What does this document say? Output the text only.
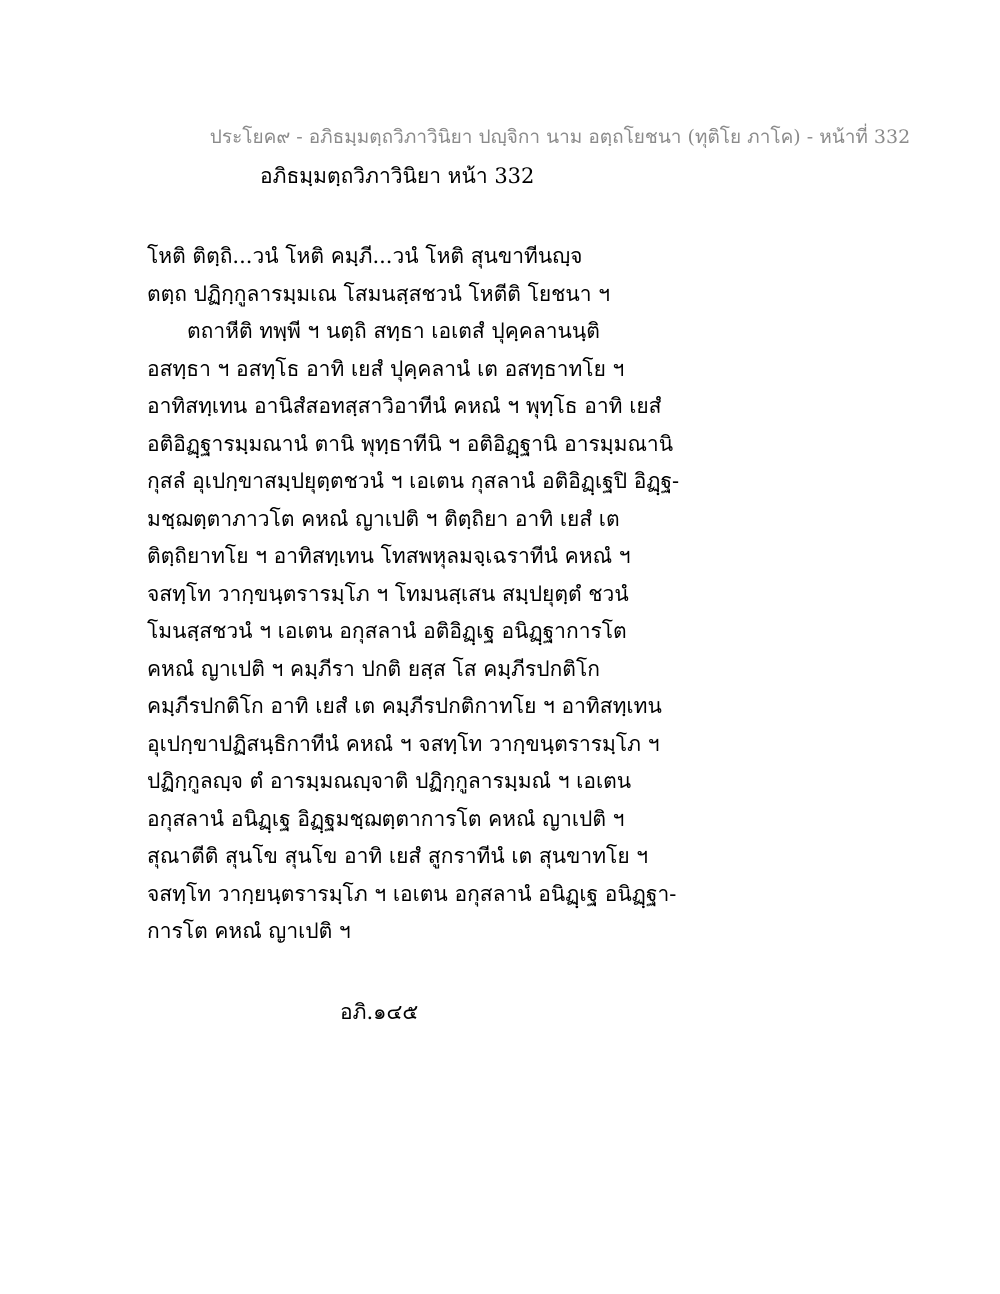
ประโยค๙ - อภิธมฺมตฺถวิภาวินิยา ปญฺจิกา นาม อตฺถโยชนา (ทุติโย ภาโค) - หน้าที่ 332
อภิธมฺมตฺถวิภาวินิยา หน้า 332
โหติ ติตฺถิ...วนํ โหติ คมฺภี...วนํ โหติ สุนขาทีนญฺจ
ตตฺถ ปฏิกฺกูลารมฺมเณ โสมนสฺสชวนํ โหตีติ โยชนา ฯ
ตถาหีติ ทพฺพี ฯ นตฺถิ สทฺธา เอเตสํ ปุคฺคลานนฺติ
อสทฺธา ฯ อสทฺโธ อาทิ เยสํ ปุคฺคลานํ เต อสทฺธาทโย ฯ
อาทิสทฺเทน อานิสํสอทสฺสาวิอาทีนํ คหณํ ฯ พุทฺโธ อาทิ เยสํ
อติอิฏฺฐารมฺมณานํ ตานิ พุทฺธาทีนิ ฯ อติอิฏฺฐานิ อารมฺมณานิ
กุสลํ อุเปกฺขาสมฺปยุตฺตชวนํ ฯ เอเตน กุสลานํ อติอิฏฺเฐปิ อิฏฺฐ-
มชฺฌตฺตาภาวโต คหณํ ญาเปติ ฯ ติตฺถิยา อาทิ เยสํ เต
ติตฺถิยาทโย ฯ อาทิสทฺเทน โทสพหุลมจฺเฉราทีนํ คหณํ ฯ
จสทฺโท วากฺขนฺตรารมฺโภ ฯ โทมนสฺเสน สมฺปยุตฺตํ ชวนํ
โมนสฺสชวนํ ฯ เอเตน อกุสลานํ อติอิฏฺเฐ อนิฏฺฐาการโต
คหณํ ญาเปติ ฯ คมฺภีรา ปกติ ยสฺส โส คมฺภีรปกติโก
คมฺภีรปกติโก อาทิ เยสํ เต คมฺภีรปกติกาทโย ฯ อาทิสทฺเทน
อุเปกฺขาปฏิสนฺธิกาทีนํ คหณํ ฯ จสทฺโท วากฺขนฺตรารมฺโภ ฯ
ปฏิกฺกูลญฺจ ตํ อารมฺมณญฺจาติ ปฏิกฺกูลารมฺมณํ ฯ เอเตน
อกุสลานํ อนิฏฺเฐ อิฏฺฐมชฺฌตฺตาการโต คหณํ ญาเปติ ฯ
สุณาตีติ สุนโข สุนโข อาทิ เยสํ สูกราทีนํ เต สุนขาทโย ฯ
จสทฺโท วากฺยนฺตรารมฺโภ ฯ เอเตน อกุสลานํ อนิฏฺเฐ อนิฏฺฐา-
การโต คหณํ ญาเปติ ฯ
อภิ.๑๔๕
